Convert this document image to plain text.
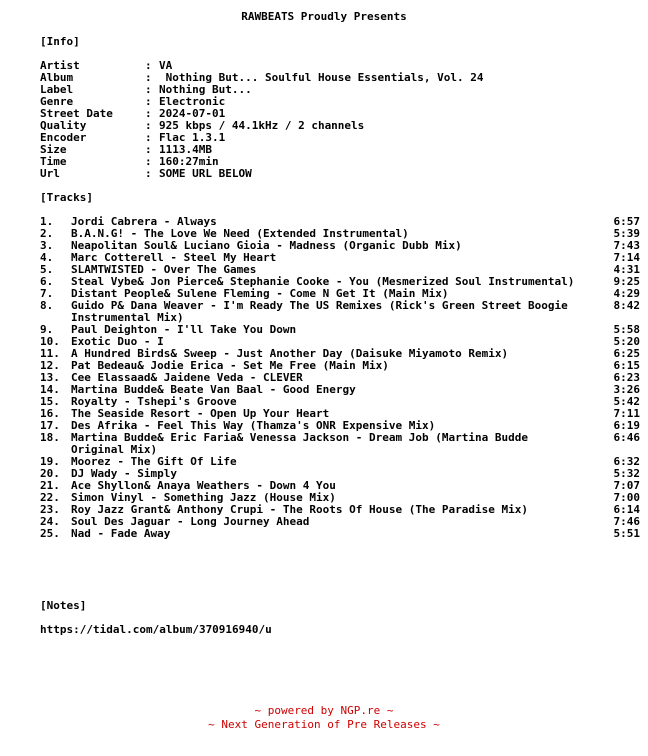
RAWBEATS Proudly Presents
[Info]
Artist	: VA
Album	: Nothing But... Soulful House Essentials, Vol. 24
Label	: Nothing But...
Genre	: Electronic
Street Date	: 2024-07-01
Quality	: 925 kbps / 44.1kHz / 2 channels
Encoder	: Flac 1.3.1
Size	: 1113.4MB
Time	: 160:27min
Url	: SOME URL BELOW
[Tracks]
1.	Jordi Cabrera - Always	6:57
2.	B.A.N.G! - The Love We Need (Extended Instrumental)	5:39
3.	Neapolitan Soul& Luciano Gioia - Madness (Organic Dubb Mix)	7:43
4.	Marc Cotterell - Steel My Heart	7:14
5.	SLAMTWISTED - Over The Games	4:31
6.	Steal Vybe& Jon Pierce& Stephanie Cooke - You (Mesmerized Soul Instrumental)	9:25
7.	Distant People& Sulene Fleming - Come N Get It (Main Mix)	4:29
8.	Guido P& Dana Weaver - I'm Ready The US Remixes (Rick's Green Street Boogie Instrumental Mix)
8:42
9.	Paul Deighton - I'll Take You Down	5:58
10.	Exotic Duo - I	5:20
11.	A Hundred Birds& Sweep - Just Another Day (Daisuke Miyamoto Remix)	6:25
12.	Pat Bedeau& Jodie Erica - Set Me Free (Main Mix)	6:15
13.	Cee Elassaad& Jaidene Veda - CLEVER	6:23
14.	Martina Budde& Beate Van Baal - Good Energy	3:26
15.	Royalty - Tshepi's Groove	5:42
16.	The Seaside Resort - Open Up Your Heart	7:11
17.	Des Afrika - Feel This Way (Thamza's ONR Expensive Mix)	6:19
18.	Martina Budde& Eric Faria& Venessa Jackson - Dream Job (Martina Budde Original Mix)
6:46
19.	Moorez - The Gift Of Life	6:32
20.	DJ Wady - Simply	5:32
21.	Ace Shyllon& Anaya Weathers - Down 4 You	7:07
22.	Simon Vinyl - Something Jazz (House Mix)	7:00
23.	Roy Jazz Grant& Anthony Crupi - The Roots Of House (The Paradise Mix)	6:14
24.	Soul Des Jaguar - Long Journey Ahead	7:46
25.	Nad - Fade Away	5:51
[Notes]
https://tidal.com/album/370916940/u
~ powered by NGP.re ~
~ Next Generation of Pre Releases ~
